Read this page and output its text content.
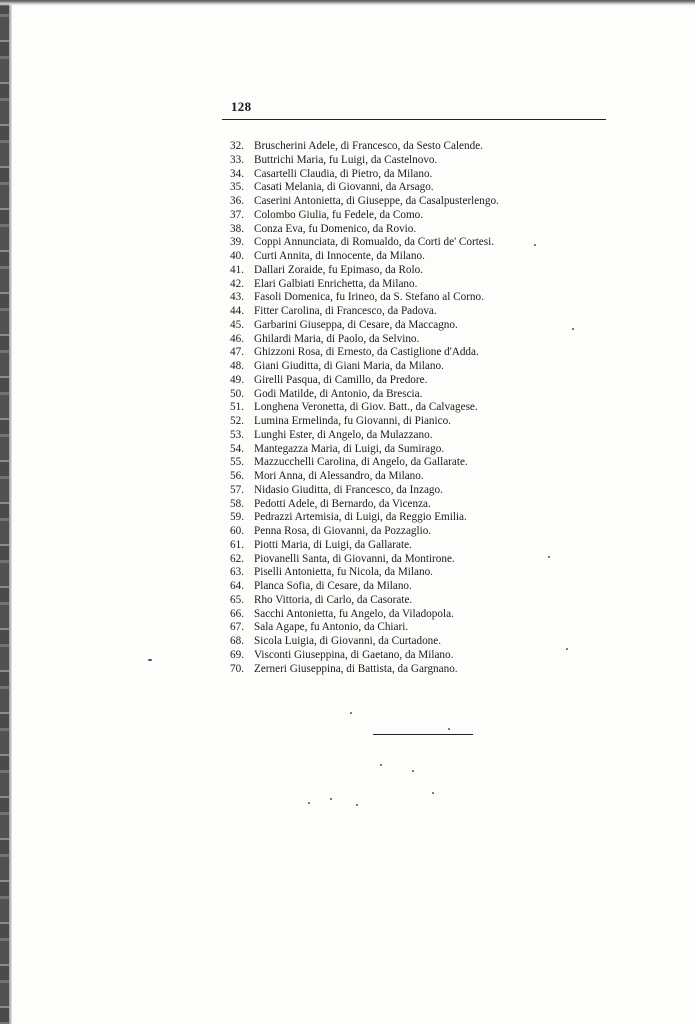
128
32. Bruscherini Adele, di Francesco, da Sesto Calende.
33. Buttrichi Maria, fu Luigi, da Castelnovo.
34. Casartelli Claudia, di Pietro, da Milano.
35. Casati Melania, di Giovanni, da Arsago.
36. Caserini Antonietta, di Giuseppe, da Casalpusterlengo.
37. Colombo Giulia, fu Fedele, da Como.
38. Conza Eva, fu Domenico, da Rovio.
39. Coppi Annunciata, di Romualdo, da Corti de' Cortesi.
40. Curti Annita, di Innocente, da Milano.
41. Dallari Zoraide, fu Epimaso, da Rolo.
42. Elari Galbiati Enrichetta, da Milano.
43. Fasoli Domenica, fu Irineo, da S. Stefano al Corno.
44. Fitter Carolina, di Francesco, da Padova.
45. Garbarini Giuseppa, di Cesare, da Maccagno.
46. Ghilardi Maria, di Paolo, da Selvino.
47. Ghizzoni Rosa, di Ernesto, da Castiglione d'Adda.
48. Giani Giuditta, di Giani Maria, da Milano.
49. Girelli Pasqua, di Camillo, da Predore.
50. Godi Matilde, di Antonio, da Brescia.
51. Longhena Veronetta, di Giov. Batt., da Calvagese.
52. Lumina Ermelinda, fu Giovanni, di Pianico.
53. Lunghi Ester, di Angelo, da Mulazzano.
54. Mantegazza Maria, di Luigi, da Sumirago.
55. Mazzucchelli Carolina, di Angelo, da Gallarate.
56. Mori Anna, di Alessandro, da Milano.
57. Nidasio Giuditta, di Francesco, da Inzago.
58. Pedotti Adele, di Bernardo, da Vicenza.
59. Pedrazzi Artemisia, di Luigi, da Reggio Emilia.
60. Penna Rosa, di Giovanni, da Pozzaglio.
61. Piotti Maria, di Luigi, da Gallarate.
62. Piovanelli Santa, di Giovanni, da Montirone.
63. Piselli Antonietta, fu Nicola, da Milano.
64. Planca Sofia, di Cesare, da Milano.
65. Rho Vittoria, di Carlo, da Casorate.
66. Sacchi Antonietta, fu Angelo, da Viladopola.
67. Sala Agape, fu Antonio, da Chiari.
68. Sicola Luigia, di Giovanni, da Curtadone.
69. Visconti Giuseppina, di Gaetano, da Milano.
70. Zerneri Giuseppina, di Battista, da Gargnano.
